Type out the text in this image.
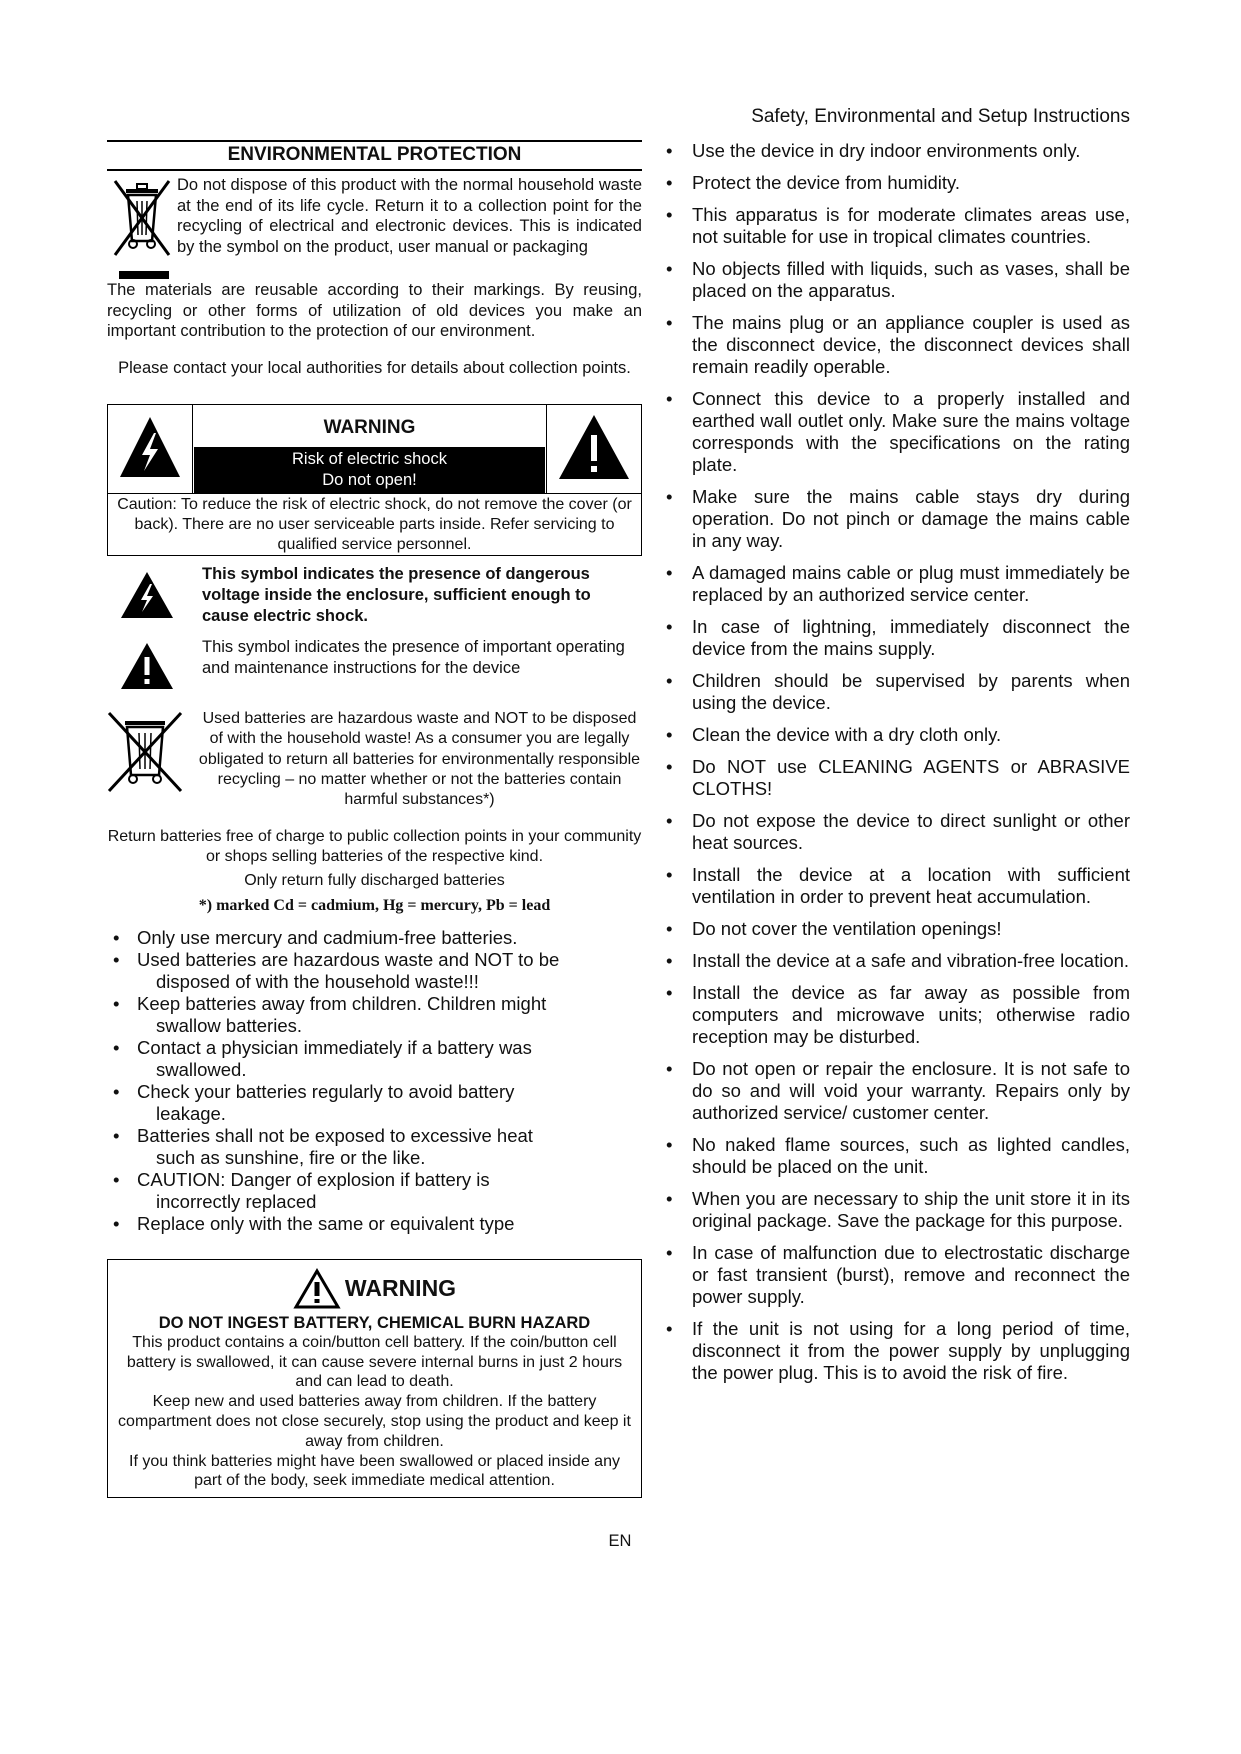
Safety, Environmental and Setup Instructions
ENVIRONMENTAL PROTECTION
Do not dispose of this product with the normal household waste at the end of its life cycle. Return it to a collection point for the recycling of electrical and electronic devices. This is indicated by the symbol on the product, user manual or packaging
The materials are reusable according to their markings. By reusing, recycling or other forms of utilization of old devices you make an important contribution to the protection of our environment.
Please contact your local authorities for details about collection points.
WARNING
Risk of electric shock
Do not open!
Caution: To reduce the risk of electric shock, do not remove the cover (or back). There are no user serviceable parts inside. Refer servicing to qualified service personnel.
This symbol indicates the presence of dangerous voltage inside the enclosure, sufficient enough to cause electric shock.
This symbol indicates the presence of important operating and maintenance instructions for the device
Used batteries are hazardous waste and NOT to be disposed of with the household waste! As a consumer you are legally obligated to return all batteries for environmentally responsible recycling – no matter whether or not the batteries contain harmful substances*)
Return batteries free of charge to public collection points in your community or shops selling batteries of the respective kind.
Only return fully discharged batteries
*) marked Cd = cadmium, Hg = mercury, Pb = lead
• Only use mercury and cadmium-free batteries.
• Used batteries are hazardous waste and NOT to be
disposed of with the household waste!!!
• Keep batteries away from children. Children might
swallow batteries.
• Contact a physician immediately if a battery was
swallowed.
• Check your batteries regularly to avoid battery
leakage.
• Batteries shall not be exposed to excessive heat
such as sunshine, fire or the like.
• CAUTION: Danger of explosion if battery is
incorrectly replaced
• Replace only with the same or equivalent type
WARNING
DO NOT INGEST BATTERY, CHEMICAL BURN HAZARD

This product contains a coin/button cell battery. If the coin/button cell battery is swallowed, it can cause severe internal burns in just 2 hours and can lead to death.

Keep new and used batteries away from children. If the battery compartment does not close securely, stop using the product and keep it away from children.

If you think batteries might have been swallowed or placed inside any part of the body, seek immediate medical attention.

• Use the device in dry indoor environments only.
• Protect the device from humidity.
• This apparatus is for moderate climates areas use, not suitable for use in tropical climates countries.
• No objects filled with liquids, such as vases, shall be placed on the apparatus.
• The mains plug or an appliance coupler is used as the disconnect device, the disconnect devices shall remain readily operable.
• Connect this device to a properly installed and earthed wall outlet only. Make sure the mains voltage corresponds with the specifications on the rating plate.
• Make sure the mains cable stays dry during operation. Do not pinch or damage the mains cable in any way.
• A damaged mains cable or plug must immediately be replaced by an authorized service center.
• In case of lightning, immediately disconnect the device from the mains supply.
• Children should be supervised by parents when using the device.
• Clean the device with a dry cloth only.
• Do NOT use CLEANING AGENTS or ABRASIVE CLOTHS!
• Do not expose the device to direct sunlight or other heat sources.
• Install the device at a location with sufficient ventilation in order to prevent heat accumulation.
• Do not cover the ventilation openings!
• Install the device at a safe and vibration-free location.
• Install the device as far away as possible from computers and microwave units; otherwise radio reception may be disturbed.
• Do not open or repair the enclosure. It is not safe to do so and will void your warranty. Repairs only by authorized service/ customer center.
• No naked flame sources, such as lighted candles, should be placed on the unit.
• When you are necessary to ship the unit store it in its original package. Save the package for this purpose.
• In case of malfunction due to electrostatic discharge or fast transient (burst), remove and reconnect the power supply.
• If the unit is not using for a long period of time, disconnect it from the power supply by unplugging the power plug. This is to avoid the risk of fire.
EN
